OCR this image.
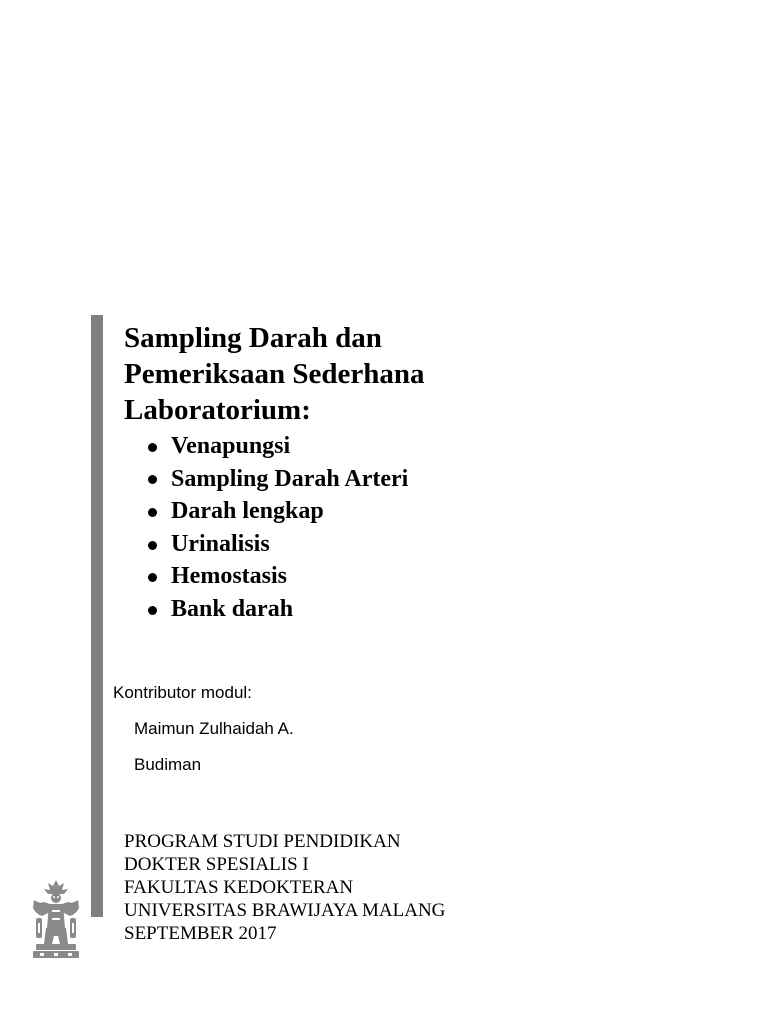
Sampling Darah dan
Pemeriksaan Sederhana
Laboratorium:
Venapungsi
Sampling Darah Arteri
Darah lengkap
Urinalisis
Hemostasis
Bank darah
Kontributor modul:
Maimun Zulhaidah A.
Budiman
PROGRAM STUDI PENDIDIKAN
DOKTER SPESIALIS I
FAKULTAS KEDOKTERAN
UNIVERSITAS BRAWIJAYA MALANG
SEPTEMBER 2017
